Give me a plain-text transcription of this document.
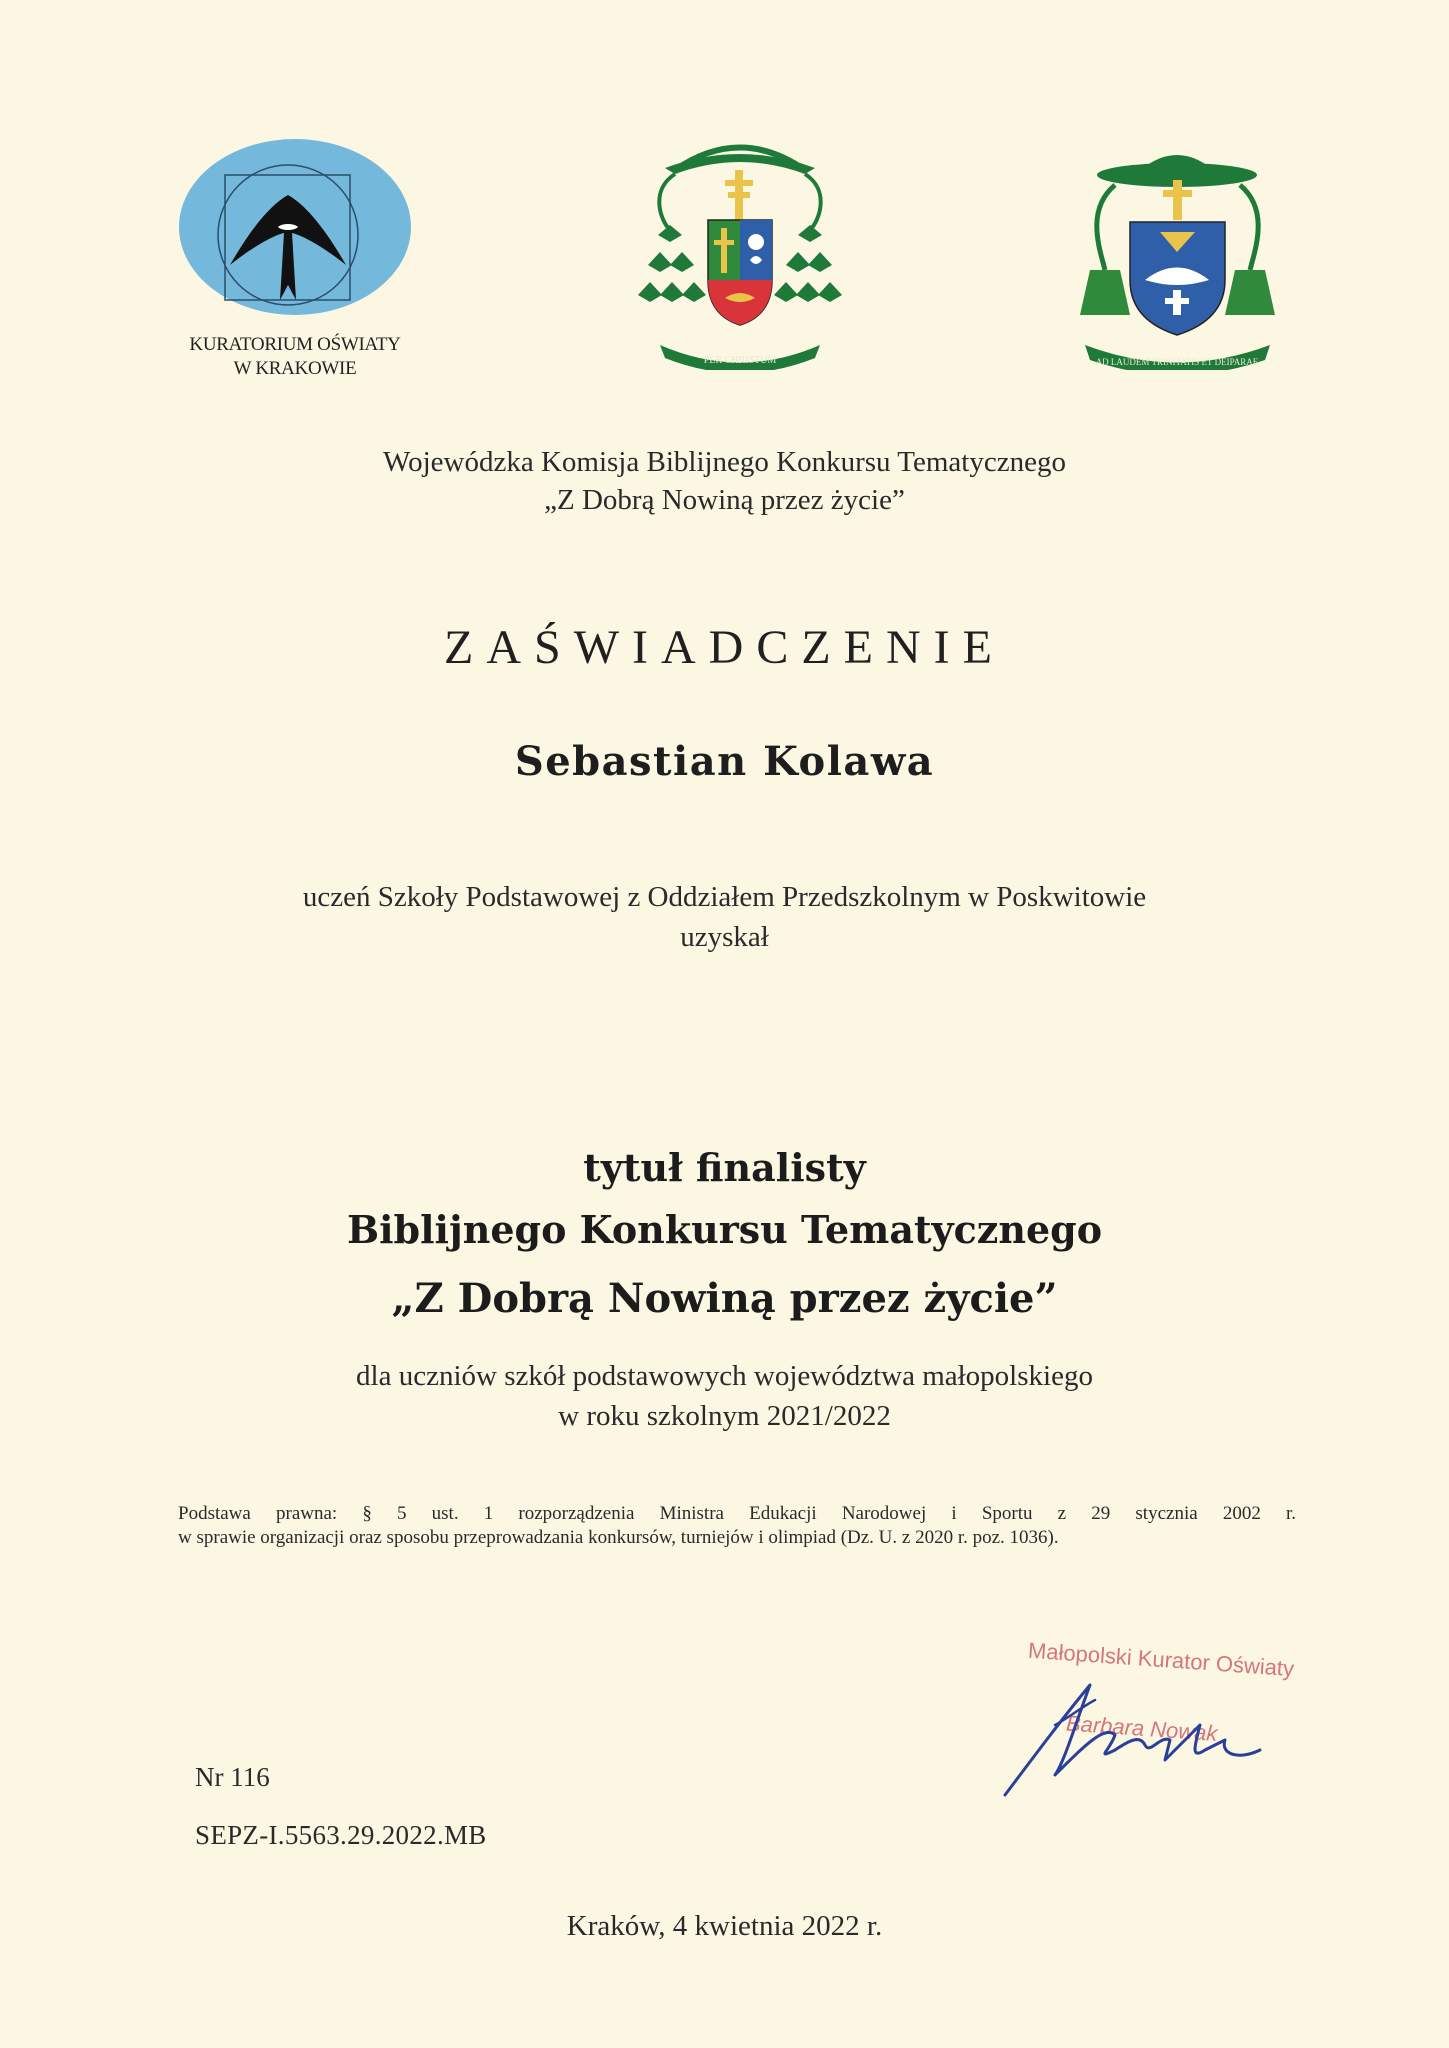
KURATORIUM OŚWIATY
W KRAKOWIE	PER CHRISTUM	AD LAUDEM TRINITATIS ET DEIPARAE
Wojewódzka Komisja Biblijnego Konkursu Tematycznego
„Z Dobrą Nowiną przez życie”
ZAŚWIADCZENIE
Sebastian Kolawa
uczeń Szkoły Podstawowej z Oddziałem Przedszkolnym w Poskwitowie
uzyskał
tytuł finalisty
Biblijnego Konkursu Tematycznego
„Z Dobrą Nowiną przez życie”
dla uczniów szkół podstawowych województwa małopolskiego
w roku szkolnym 2021/2022
Podstawa prawna: § 5 ust. 1 rozporządzenia Ministra Edukacji Narodowej i Sportu z 29 stycznia 2002 r.
w sprawie organizacji oraz sposobu przeprowadzania konkursów, turniejów i olimpiad (Dz. U. z 2020 r. poz. 1036).
Małopolski Kurator Oświaty
Barbara Nowak
Nr 116
SEPZ-I.5563.29.2022.MB
Kraków, 4 kwietnia 2022 r.
